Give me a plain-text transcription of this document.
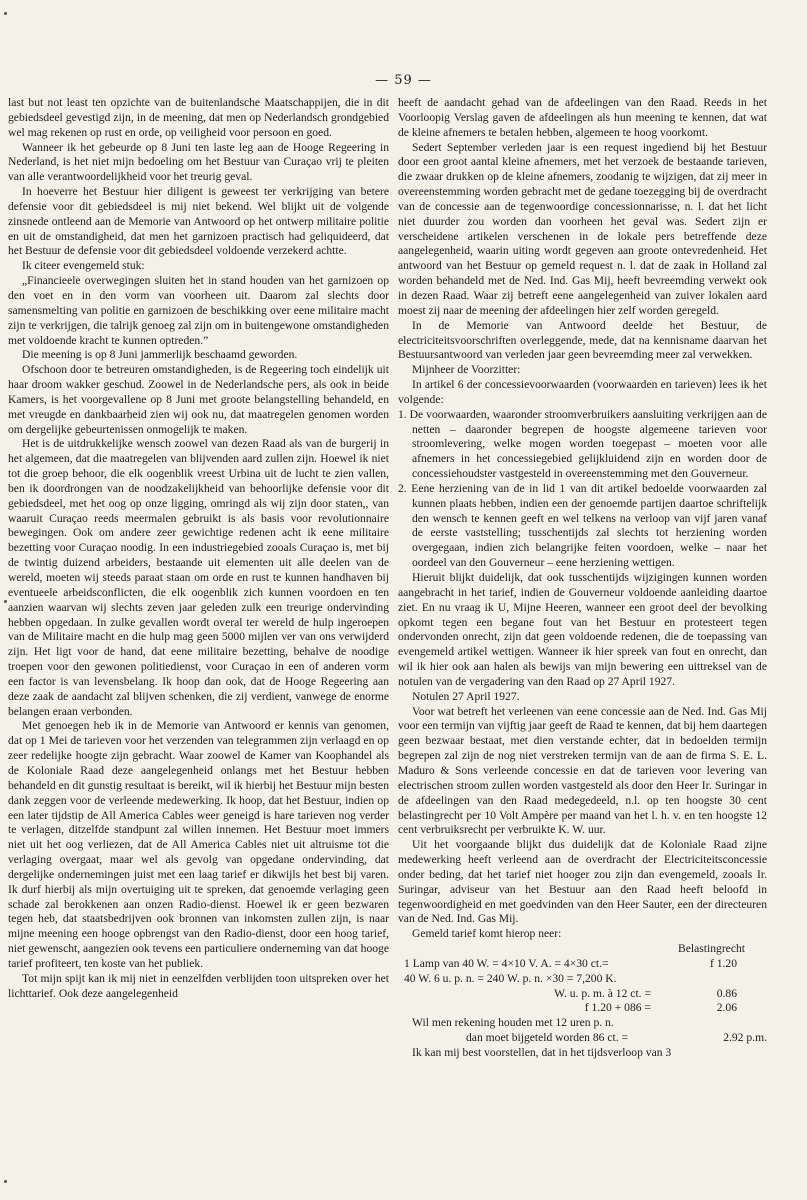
— 59 —

last but not least ten opzichte van de buitenlandsche Maatschappijen, die in dit gebiedsdeel gevestigd zijn, in de meening, dat men op Nederlandsch grondgebied wel mag rekenen op rust en orde, op veiligheid voor persoon en goed.

Wanneer ik het gebeurde op 8 Juni ten laste leg aan de Hooge Regeering in Nederland, is het niet mijn bedoeling om het Bestuur van Curaçao vrij te pleiten van alle verantwoordelijkheid voor het treurig geval.

In hoeverre het Bestuur hier diligent is geweest ter verkrijging van betere defensie voor dit gebiedsdeel is mij niet bekend. Wel blijkt uit de volgende zinsnede ontleend aan de Memorie van Antwoord op het ontwerp militaire politie en uit de omstandigheid, dat men het garnizoen practisch had geliquideerd, dat het Bestuur de defensie voor dit gebiedsdeel voldoende verzekerd achtte.

Ik citeer evengemeld stuk:

„Financieele overwegingen sluiten het in stand houden van het garnizoen op den voet en in den vorm van voorheen uit. Daarom zal slechts door samensmelting van politie en garnizoen de beschikking over eene militaire macht zijn te verkrijgen, die talrijk genoeg zal zijn om in buitengewone omstandigheden met voldoende kracht te kunnen optreden.”

Die meening is op 8 Juni jammerlijk beschaamd geworden.

Ofschoon door te betreuren omstandigheden, is de Regeering toch eindelijk uit haar droom wakker geschud. Zoowel in de Nederlandsche pers, als ook in beide Kamers, is het voorgevallene op 8 Juni met groote belangstelling behandeld, en met vreugde en dankbaarheid zien wij ook nu, dat maatregelen genomen worden om dergelijke gebeurtenissen onmogelijk te maken.

Het is de uitdrukkelijke wensch zoowel van dezen Raad als van de burgerij in het algemeen, dat die maatregelen van blijvenden aard zullen zijn. Hoewel ik niet tot die groep behoor, die elk oogenblik vreest Urbina uit de lucht te zien vallen, ben ik doordrongen van de noodzakelijkheid van behoorlijke defensie voor dit gebiedsdeel, met het oog op onze ligging, omringd als wij zijn door staten,, van waaruit Curaçao reeds meermalen gebruikt is als basis voor revolutionnaire bewegingen. Ook om andere zeer gewichtige redenen acht ik eene militaire bezetting voor Curaçao noodig. In een industriegebied zooals Curaçao is, met bij de twintig duizend arbeiders, bestaande uit elementen uit alle deelen van de wereld, moeten wij steeds paraat staan om orde en rust te kunnen handhaven bij eventueele arbeidsconflicten, die elk oogenblik zich kunnen voordoen en ten aanzien waarvan wij slechts zeven jaar geleden zulk een treurige ondervinding hebben opgedaan. In zulke gevallen wordt overal ter wereld de hulp ingeroepen van de Militaire macht en die hulp mag geen 5000 mijlen ver van ons verwijderd zijn. Het ligt voor de hand, dat eene militaire bezetting, behalve de noodige troepen voor den gewonen politiedienst, voor Curaçao in een of anderen vorm een factor is van levensbelang. Ik hoop dan ook, dat de Hooge Regeering aan deze zaak de aandacht zal blijven schenken, die zij verdient, vanwege de enorme belangen eraan verbonden.

Met genoegen heb ik in de Memorie van Antwoord er kennis van genomen, dat op 1 Mei de tarieven voor het verzenden van telegrammen zijn verlaagd en op zeer redelijke hoogte zijn gebracht. Waar zoowel de Kamer van Koophandel als de Koloniale Raad deze aangelegenheid onlangs met het Bestuur hebben behandeld en dit gunstig resultaat is bereikt, wil ik hierbij het Bestuur mijn besten dank zeggen voor de verleende medewerking. Ik hoop, dat het Bestuur, indien op een later tijdstip de All America Cables weer geneigd is hare tarieven nog verder te verlagen, ditzelfde standpunt zal willen innemen. Het Bestuur moet immers niet uit het oog verliezen, dat de All America Cables niet uit altruisme tot die verlaging overgaat, maar wel als gevolg van opgedane ondervinding, dat dergelijke ondernemingen juist met een laag tarief er dikwijls het best bij varen. Ik durf hierbij als mijn overtuiging uit te spreken, dat genoemde verlaging geen schade zal berokkenen aan onzen Radio-dienst. Hoewel ik er geen bezwaren tegen heb, dat staatsbedrijven ook bronnen van inkomsten zullen zijn, is naar mijne meening een hooge opbrengst van den Radio-dienst, door een hoog tarief, niet gewenscht, aangezien ook tevens een particuliere onderneming van dat hooge tarief profiteert, ten koste van het publiek.

Tot mijn spijt kan ik mij niet in eenzelfden verblijden toon uitspreken over het lichttarief. Ook deze aangelegenheid

heeft de aandacht gehad van de afdeelingen van den Raad. Reeds in het Voorloopig Verslag gaven de afdeelingen als hun meening te kennen, dat wat de kleine afnemers te betalen hebben, algemeen te hoog voorkomt.

Sedert September verleden jaar is een request ingediend bij het Bestuur door een groot aantal kleine afnemers, met het verzoek de bestaande tarieven, die zwaar drukken op de kleine afnemers, zoodanig te wijzigen, dat zij meer in overeenstemming worden gebracht met de gedane toezegging bij de overdracht van de concessie aan de tegenwoordige concessionnarisse, n. l. dat het licht niet duurder zou worden dan voorheen het geval was. Sedert zijn er verscheidene artikelen verschenen in de lokale pers betreffende deze aangelegenheid, waarin uiting wordt gegeven aan groote ontevredenheid. Het antwoord van het Bestuur op gemeld request n. l. dat de zaak in Holland zal worden behandeld met de Ned. Ind. Gas Mij, heeft bevreemding verwekt ook in dezen Raad. Waar zij betreft eene aangelegenheid van zuiver lokalen aard moest zij naar de meening der afdeelingen hier zelf worden geregeld.

In de Memorie van Antwoord deelde het Bestuur, de electriciteitsvoorschriften overleggende, mede, dat na kennisname daarvan het Bestuursantwoord van verleden jaar geen bevreemding meer zal verwekken.

Mijnheer de Voorzitter:

In artikel 6 der concessievoorwaarden (voorwaarden en tarieven) lees ik het volgende:

1. De voorwaarden, waaronder stroomverbruikers aansluiting verkrijgen aan de netten – daaronder begrepen de hoogste algemeene tarieven voor stroomlevering, welke mogen worden toegepast – moeten voor alle afnemers in het concessiegebied gelijkluidend zijn en worden door de concessiehoudster vastgesteld in overeenstemming met den Gouverneur.

2. Eene herziening van de in lid 1 van dit artikel bedoelde voorwaarden zal kunnen plaats hebben, indien een der genoemde partijen daartoe schriftelijk den wensch te kennen geeft en wel telkens na verloop van vijf jaren vanaf de eerste vaststelling; tusschentijds zal slechts tot herziening worden overgegaan, indien zich belangrijke feiten voordoen, welke – naar het oordeel van den Gouverneur – eene herziening wettigen.

Hieruit blijkt duidelijk, dat ook tusschentijds wijzigingen kunnen worden aangebracht in het tarief, indien de Gouverneur voldoende aanleiding daartoe ziet. En nu vraag ik U, Mijne Heeren, wanneer een groot deel der bevolking opkomt tegen een begane fout van het Bestuur en protesteert tegen ondervonden onrecht, zijn dat geen voldoende redenen, die de toepassing van evengemeld artikel wettigen. Wanneer ik hier spreek van fout en onrecht, dan wil ik hier ook aan halen als bewijs van mijn bewering een uittreksel van de notulen van de vergadering van den Raad op 27 April 1927.

Notulen 27 April 1927.

Voor wat betreft het verleenen van eene concessie aan de Ned. Ind. Gas Mij voor een termijn van vijftig jaar geeft de Raad te kennen, dat bij hem daartegen geen bezwaar bestaat, met dien verstande echter, dat in bedoelden termijn begrepen zal zijn de nog niet verstreken termijn van de aan de firma S. E. L. Maduro & Sons verleende concessie en dat de tarieven voor levering van electrischen stroom zullen worden vastgesteld als door den Heer Ir. Suringar in de afdeelingen van den Raad medegedeeld, n.l. op ten hoogste 30 cent belastingrecht per 10 Volt Ampère per maand van het l. h. v. en ten hoogste 12 cent verbruiksrecht per verbruikte K. W. uur.

Uit het voorgaande blijkt dus duidelijk dat de Koloniale Raad zijne medewerking heeft verleend aan de overdracht der Electriciteitsconcessie onder beding, dat het tarief niet hooger zou zijn dan evengemeld, zooals Ir. Suringar, adviseur van het Bestuur aan den Raad heeft beloofd in tegenwoordigheid en met goedvinden van den Heer Sauter, een der directeuren van de Ned. Ind. Gas Mij.

Gemeld tarief komt hierop neer:

	Belastingrecht
1 Lamp van 40 W. = 4×10 V. A. = 4×30 ct.=	f 1.20
40 W. 6 u. p. n. = 240 W. p. n. ×30 = 7,200 K.	
W. u. p. m. à 12 ct. =	0.86
f 1.20 + 086 =	2.06
Wil men rekening houden met 12 uren p. n.	
dan moet bijgeteld worden 86 ct. =	2.92 p.m.

Ik kan mij best voorstellen, dat in het tijdsverloop van 3
